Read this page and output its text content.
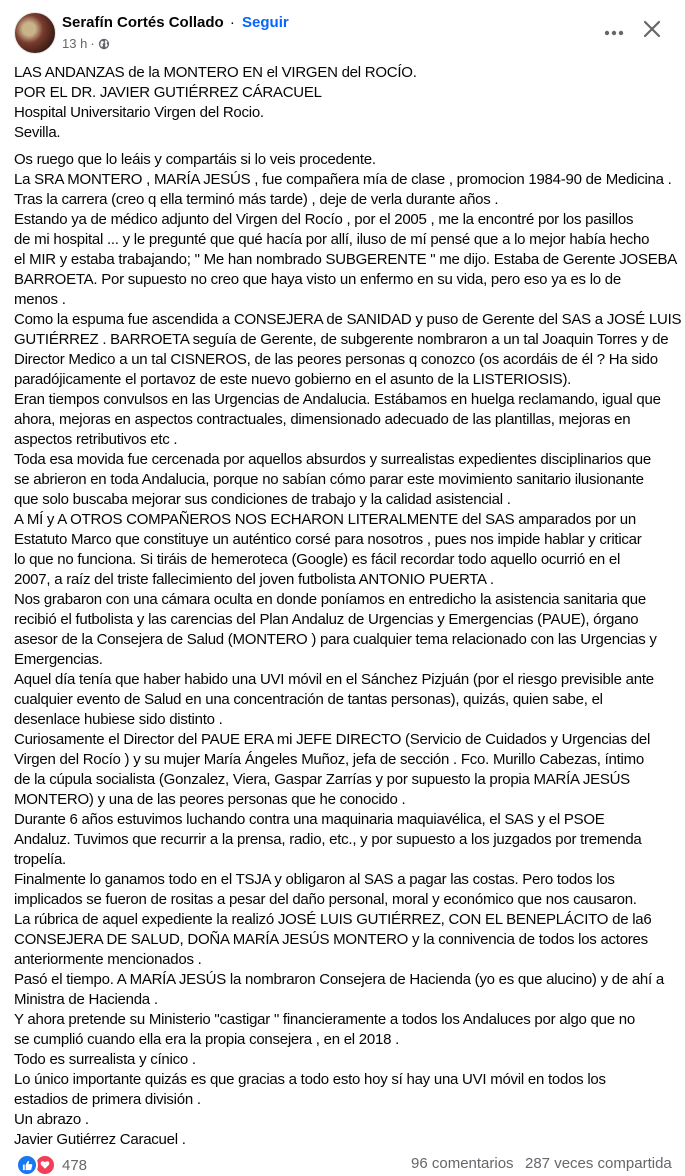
Serafín Cortés Collado · Seguir
13 h ·

LAS ANDANZAS de la MONTERO EN el VIRGEN del ROCÍO.

POR EL DR. JAVIER GUTIÉRREZ CÁRACUEL

Hospital Universitario Virgen del Rocio.

Sevilla.

Os ruego que lo leáis y compartáis si lo veis procedente.

La SRA MONTERO , MARÍA JESÚS , fue compañera mía de clase , promocion 1984-90 de Medicina .

Tras la carrera (creo q ella terminó más tarde) , deje de verla durante años .

Estando ya de médico adjunto del Virgen del Rocío , por el 2005 , me la encontré por los pasillos

de mi hospital ... y le pregunté que qué hacía por allí, iluso de mí pensé que a lo mejor había hecho

el MIR y estaba trabajando; " Me han nombrado SUBGERENTE " me dijo. Estaba de Gerente JOSEBA

BARROETA. Por supuesto no creo que haya visto un enfermo en su vida, pero eso ya es lo de

menos .

Como la espuma fue ascendida a CONSEJERA de SANIDAD y puso de Gerente del SAS a JOSÉ LUIS

GUTIÉRREZ . BARROETA seguía de Gerente, de subgerente nombraron a un tal Joaquin Torres y de

Director Medico a un tal CISNEROS, de las peores personas q conozco (os acordáis de él ? Ha sido

paradójicamente el portavoz de este nuevo gobierno en el asunto de la LISTERIOSIS).

Eran tiempos convulsos en las Urgencias de Andalucia. Estábamos en huelga reclamando, igual que

ahora, mejoras en aspectos contractuales, dimensionado adecuado de las plantillas, mejoras en

aspectos retributivos etc .

Toda esa movida fue cercenada por aquellos absurdos y surrealistas expedientes disciplinarios que

se abrieron en toda Andalucia, porque no sabían cómo parar este movimiento sanitario ilusionante

que solo buscaba mejorar sus condiciones de trabajo y la calidad asistencial .

A MÍ y A OTROS COMPAÑEROS NOS ECHARON LITERALMENTE del SAS amparados por un

Estatuto Marco que constituye un auténtico corsé para nosotros , pues nos impide hablar y criticar

lo que no funciona. Si tiráis de hemeroteca (Google) es fácil recordar todo aquello ocurrió en el

2007, a raíz del triste fallecimiento del joven futbolista ANTONIO PUERTA .

Nos grabaron con una cámara oculta en donde poníamos en entredicho la asistencia sanitaria que

recibió el futbolista y las carencias del Plan Andaluz de Urgencias y Emergencias (PAUE), órgano

asesor de la Consejera de Salud (MONTERO ) para cualquier tema relacionado con las Urgencias y

Emergencias.

Aquel día tenía que haber habido una UVI móvil en el Sánchez Pizjuán (por el riesgo previsible ante

cualquier evento de Salud en una concentración de tantas personas), quizás, quien sabe, el

desenlace hubiese sido distinto .

Curiosamente el Director del PAUE ERA mi JEFE DIRECTO (Servicio de Cuidados y Urgencias del

Virgen del Rocío ) y su mujer María Ángeles Muñoz, jefa de sección . Fco. Murillo Cabezas, íntimo

de la cúpula socialista (Gonzalez, Viera, Gaspar Zarrías y por supuesto la propia MARÍA JESÚS

MONTERO) y una de las peores personas que he conocido .

Durante 6 años estuvimos luchando contra una maquinaria maquiavélica, el SAS y el PSOE

Andaluz. Tuvimos que recurrir a la prensa, radio, etc., y por supuesto a los juzgados por tremenda

tropelía.

Finalmente lo ganamos todo en el TSJA y obligaron al SAS a pagar las costas. Pero todos los

implicados se fueron de rositas a pesar del daño personal, moral y económico que nos causaron.

La rúbrica de aquel expediente la realizó JOSÉ LUIS GUTIÉRREZ, CON EL BENEPLÁCITO de la6

CONSEJERA DE SALUD, DOÑA MARÍA JESÚS MONTERO y la connivencia de todos los actores

anteriormente mencionados .

Pasó el tiempo. A MARÍA JESÚS la nombraron Consejera de Hacienda (yo es que alucino) y de ahí a

Ministra de Hacienda .

Y ahora pretende su Ministerio "castigar " financieramente a todos los Andaluces por algo que no

se cumplió cuando ella era la propia consejera , en el 2018 .

Todo es surrealista y cínico .

Lo único importante quizás es que gracias a todo esto hoy sí hay una UVI móvil en todos los

estadios de primera división .

Un abrazo .

Javier Gutiérrez Caracuel .

478	96 comentarios 287 veces compartida
